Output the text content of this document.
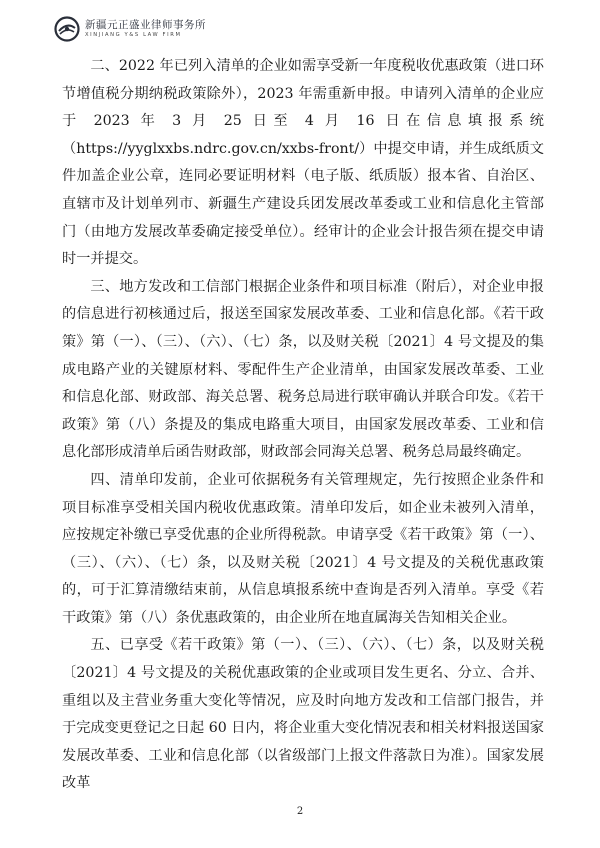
新疆元正盛业律师事务所
XINJIANG Y&S LAW FIRM

二、2022 年已列入清单的企业如需享受新一年度税收优惠政策（进口环节增值税分期纳税政策除外），2023 年需重新申报。申请列入清单的企业应于 2023 年 3 月 25 日至 4 月 16 日在信息填报系统（https://yyglxxbs.ndrc.gov.cn/xxbs-front/）中提交申请，并生成纸质文件加盖企业公章，连同必要证明材料（电子版、纸质版）报本省、自治区、直辖市及计划单列市、新疆生产建设兵团发展改革委或工业和信息化主管部门（由地方发展改革委确定接受单位）。经审计的企业会计报告须在提交申请时一并提交。

三、地方发改和工信部门根据企业条件和项目标准（附后），对企业申报的信息进行初核通过后，报送至国家发展改革委、工业和信息化部。《若干政策》第（一）、（三）、（六）、（七）条，以及财关税〔2021〕4 号文提及的集成电路产业的关键原材料、零配件生产企业清单，由国家发展改革委、工业和信息化部、财政部、海关总署、税务总局进行联审确认并联合印发。《若干政策》第（八）条提及的集成电路重大项目，由国家发展改革委、工业和信息化部形成清单后函告财政部，财政部会同海关总署、税务总局最终确定。

四、清单印发前，企业可依据税务有关管理规定，先行按照企业条件和项目标准享受相关国内税收优惠政策。清单印发后，如企业未被列入清单，应按规定补缴已享受优惠的企业所得税款。申请享受《若干政策》第（一）、（三）、（六）、（七）条，以及财关税〔2021〕4 号文提及的关税优惠政策的，可于汇算清缴结束前，从信息填报系统中查询是否列入清单。享受《若干政策》第（八）条优惠政策的，由企业所在地直属海关告知相关企业。

五、已享受《若干政策》第（一）、（三）、（六）、（七）条，以及财关税〔2021〕4 号文提及的关税优惠政策的企业或项目发生更名、分立、合并、重组以及主营业务重大变化等情况，应及时向地方发改和工信部门报告，并于完成变更登记之日起 60 日内，将企业重大变化情况表和相关材料报送国家发展改革委、工业和信息化部（以省级部门上报文件落款日为准）。国家发展改革

2
